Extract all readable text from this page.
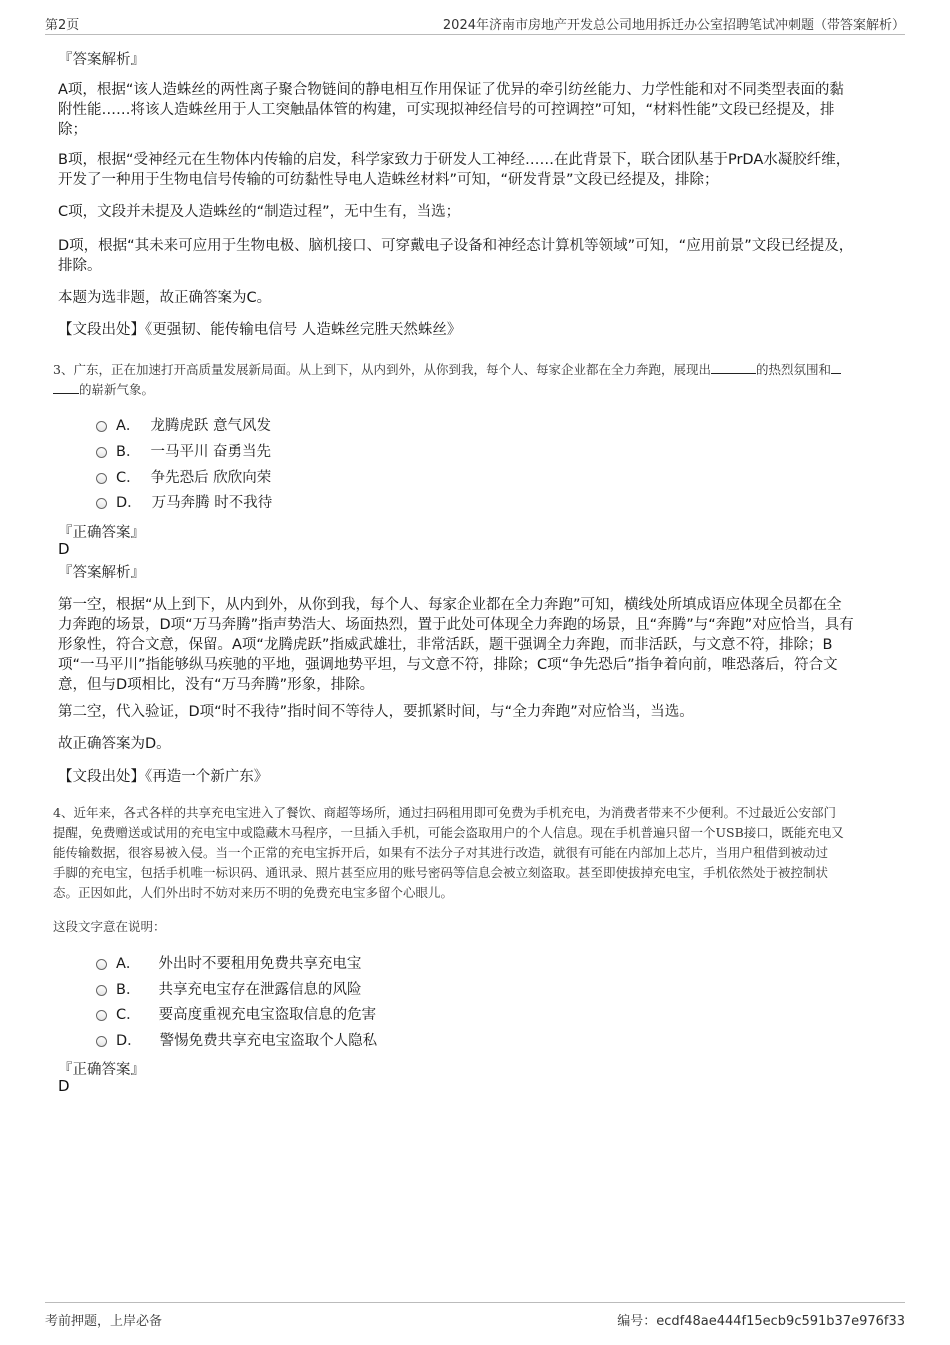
第2页	2024年济南市房地产开发总公司地用拆迁办公室招聘笔试冲刺题（带答案解析）
『答案解析』
A项，根据“该人造蛛丝的两性离子聚合物链间的静电相互作用保证了优异的牵引纺丝能力、力学性能和对不同类型表面的黏
附性能……将该人造蛛丝用于人工突触晶体管的构建，可实现拟神经信号的可控调控”可知，“材料性能”文段已经提及，排
除；
B项，根据“受神经元在生物体内传输的启发，科学家致力于研发人工神经……在此背景下，联合团队基于PrDA水凝胶纤维，
开发了一种用于生物电信号传输的可纺黏性导电人造蛛丝材料”可知，“研发背景”文段已经提及，排除；
C项，文段并未提及人造蛛丝的“制造过程”，无中生有，当选；
D项，根据“其未来可应用于生物电极、脑机接口、可穿戴电子设备和神经态计算机等领域”可知，“应用前景”文段已经提及，
排除。
本题为选非题，故正确答案为C。
【文段出处】《更强韧、能传输电信号 人造蛛丝完胜天然蛛丝》
3、广东，正在加速打开高质量发展新局面。从上到下，从内到外，从你到我，每个人、每家企业都在全力奔跑，展现出	的热烈氛围和
的崭新气象。
A． 龙腾虎跃 意气风发
B． 一马平川 奋勇当先
C． 争先恐后 欣欣向荣
D． 万马奔腾 时不我待
『正确答案』
D
『答案解析』
第一空，根据“从上到下，从内到外，从你到我，每个人、每家企业都在全力奔跑”可知，横线处所填成语应体现全员都在全
力奔跑的场景，D项“万马奔腾”指声势浩大、场面热烈，置于此处可体现全力奔跑的场景，且“奔腾”与“奔跑”对应恰当，具有
形象性，符合文意，保留。A项“龙腾虎跃”指威武雄壮，非常活跃，题干强调全力奔跑，而非活跃，与文意不符，排除；B
项“一马平川”指能够纵马疾驰的平地，强调地势平坦，与文意不符，排除；C项“争先恐后”指争着向前，唯恐落后，符合文
意，但与D项相比，没有“万马奔腾”形象，排除。
第二空，代入验证，D项“时不我待”指时间不等待人，要抓紧时间，与“全力奔跑”对应恰当，当选。
故正确答案为D。
【文段出处】《再造一个新广东》
4、近年来，各式各样的共享充电宝进入了餐饮、商超等场所，通过扫码租用即可免费为手机充电，为消费者带来不少便利。不过最近公安部门
提醒，免费赠送或试用的充电宝中或隐藏木马程序，一旦插入手机，可能会盗取用户的个人信息。现在手机普遍只留一个USB接口，既能充电又
能传输数据，很容易被入侵。当一个正常的充电宝拆开后，如果有不法分子对其进行改造，就很有可能在内部加上芯片，当用户租借到被动过
手脚的充电宝，包括手机唯一标识码、通讯录、照片甚至应用的账号密码等信息会被立刻盗取。甚至即使拔掉充电宝，手机依然处于被控制状
态。正因如此，人们外出时不妨对来历不明的免费充电宝多留个心眼儿。
这段文字意在说明：
A． 外出时不要租用免费共享充电宝
B． 共享充电宝存在泄露信息的风险
C． 要高度重视充电宝盗取信息的危害
D． 警惕免费共享充电宝盗取个人隐私
『正确答案』
D
考前押题，上岸必备	编号：ecdf48ae444f15ecb9c591b37e976f33
